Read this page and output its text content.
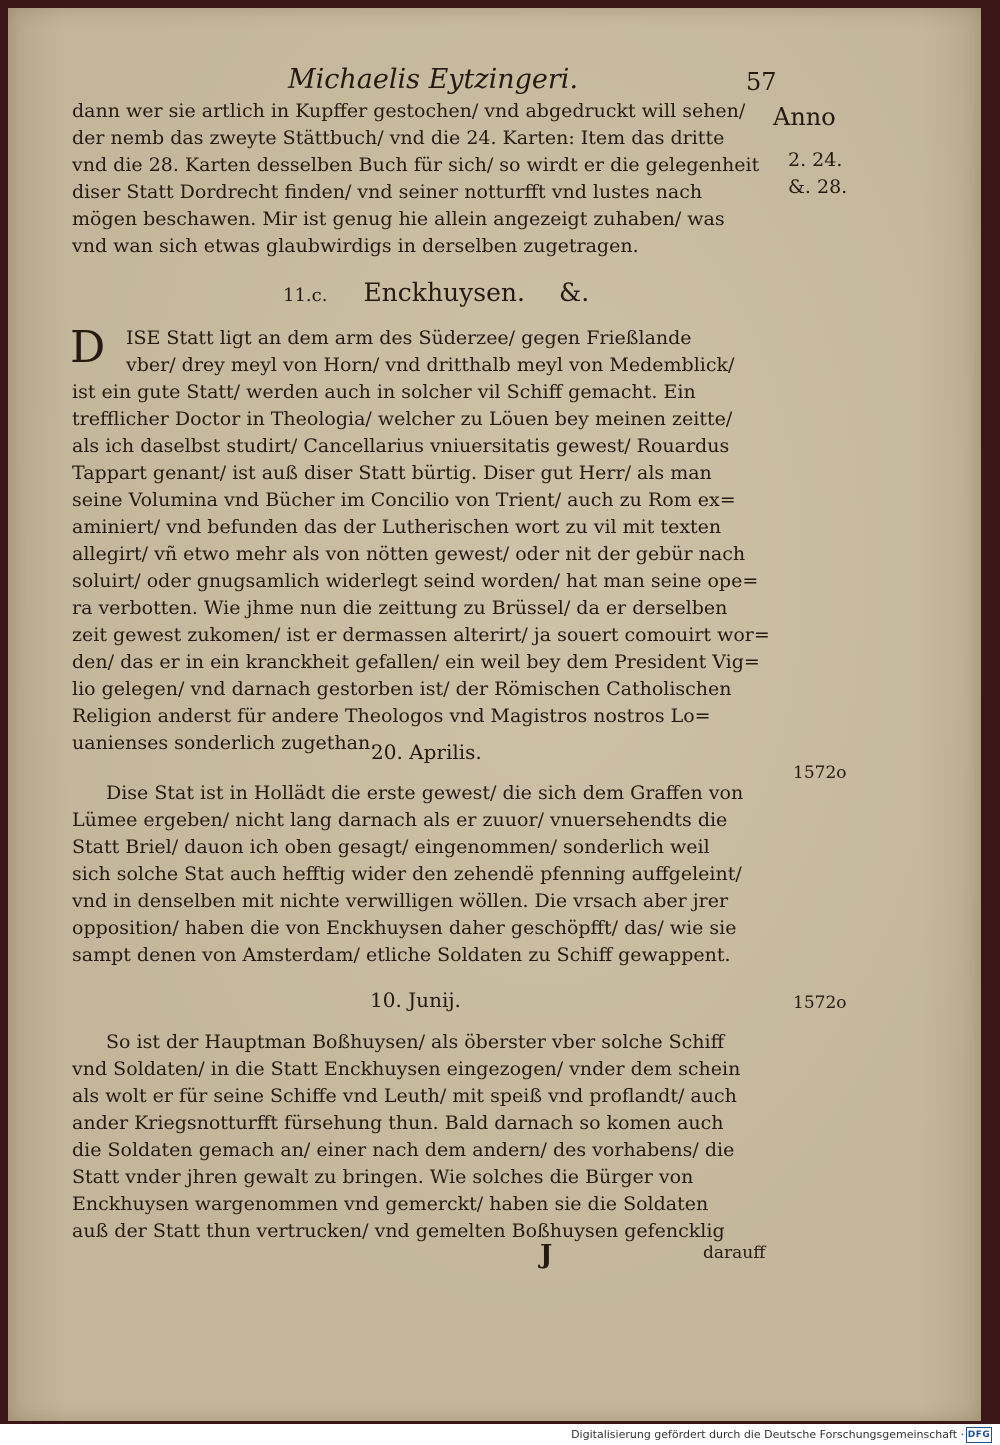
Michaelis Eytzingeri.	57
dann wer sie artlich in Kupffer gestochen/ vnd abgedruckt will sehen/
der nemb das zweyte Stättbuch/ vnd die 24. Karten: Item das dritte
vnd die 28. Karten desselben Buch für sich/ so wirdt er die gelegenheit
diser Statt Dordrecht finden/ vnd seiner notturfft vnd lustes nach
mögen beschawen. Mir ist genug hie allein angezeigt zuhaben/ was
vnd wan sich etwas glaubwirdigs in derselben zugetragen.
11.c. Enckhuysen. &.
D ISE Statt ligt an dem arm des Süderzee/ gegen Frießlande
vber/ drey meyl von Horn/ vnd dritthalb meyl von Medemblick/
ist ein gute Statt/ werden auch in solcher vil Schiff gemacht. Ein
trefflicher Doctor in Theologia/ welcher zu Löuen bey meinen zeitte/
als ich daselbst studirt/ Cancellarius vniuersitatis gewest/ Rouardus
Tappart genant/ ist auß diser Statt bürtig. Diser gut Herr/ als man
seine Volumina vnd Bücher im Concilio von Trient/ auch zu Rom ex=
aminiert/ vnd befunden das der Lutherischen wort zu vil mit texten
allegirt/ vñ etwo mehr als von nötten gewest/ oder nit der gebür nach
soluirt/ oder gnugsamlich widerlegt seind worden/ hat man seine ope=
ra verbotten. Wie jhme nun die zeittung zu Brüssel/ da er derselben
zeit gewest zukomen/ ist er dermassen alterirt/ ja souert comouirt wor=
den/ das er in ein kranckheit gefallen/ ein weil bey dem President Vig=
lio gelegen/ vnd darnach gestorben ist/ der Römischen Catholischen
Religion anderst für andere Theologos vnd Magistros nostros Lo=
uanienses sonderlich zugethan.
20. Aprilis.
Dise Stat ist in Hollädt die erste gewest/ die sich dem Graffen von
Lümee ergeben/ nicht lang darnach als er zuuor/ vnuersehendts die
Statt Briel/ dauon ich oben gesagt/ eingenommen/ sonderlich weil
sich solche Stat auch hefftig wider den zehendë pfenning auffgeleint/
vnd in denselben mit nichte verwilligen wöllen. Die vrsach aber jrer
opposition/ haben die von Enckhuysen daher geschöpfft/ das/ wie sie
sampt denen von Amsterdam/ etliche Soldaten zu Schiff gewappent.
10. Junij.
So ist der Hauptman Boßhuysen/ als öberster vber solche Schiff
vnd Soldaten/ in die Statt Enckhuysen eingezogen/ vnder dem schein
als wolt er für seine Schiffe vnd Leuth/ mit speiß vnd proflandt/ auch
ander Kriegsnotturfft fürsehung thun. Bald darnach so komen auch
die Soldaten gemach an/ einer nach dem andern/ des vorhabens/ die
Statt vnder jhren gewalt zu bringen. Wie solches die Bürger von
Enckhuysen wargenommen vnd gemerckt/ haben sie die Soldaten
auß der Statt thun vertrucken/ vnd gemelten Boßhuysen gefencklig
J	darauff
Anno
2. 24.
&. 28.
1572o
1572o
Digitalisierung gefördert durch die Deutsche Forschungsgemeinschaft · DFG
